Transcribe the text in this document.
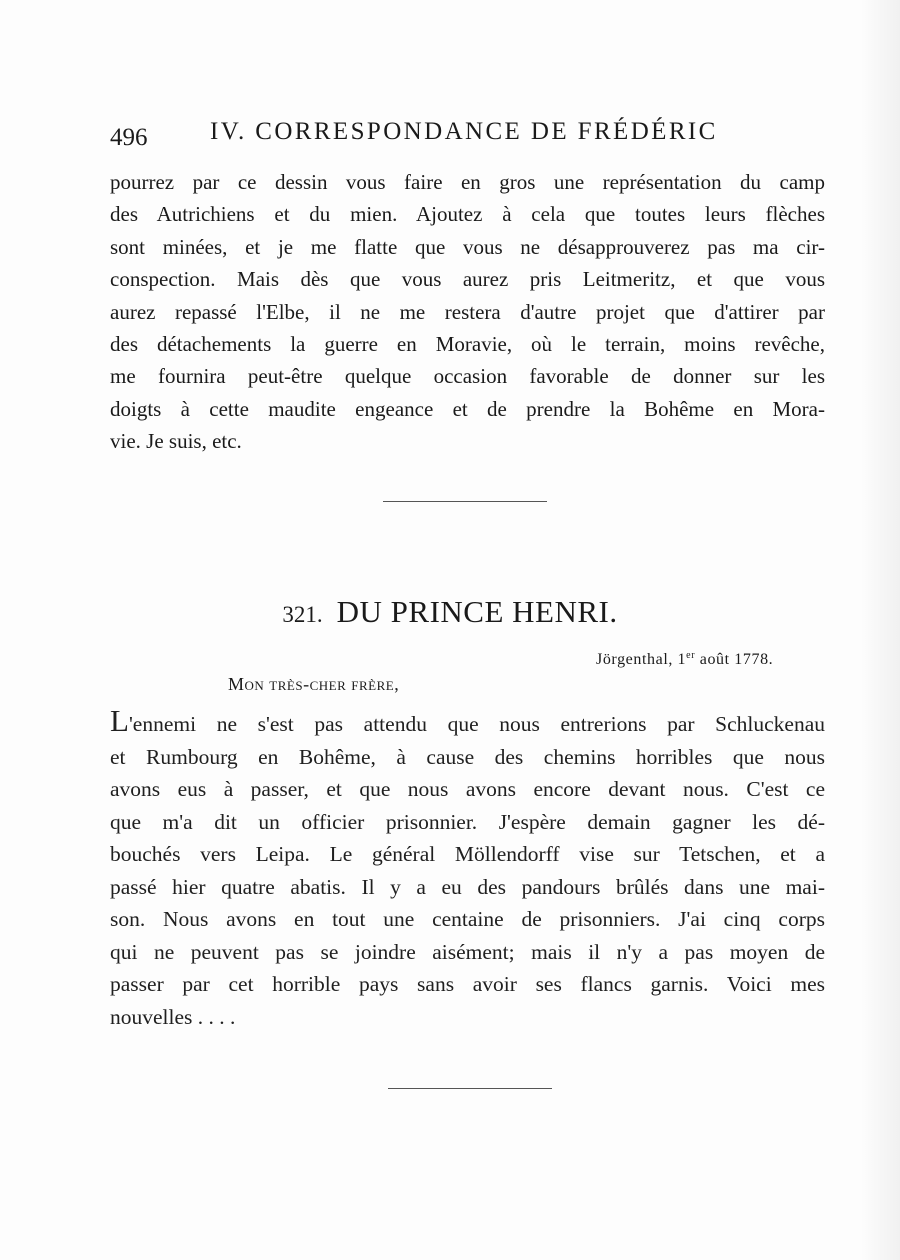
496	IV. CORRESPONDANCE DE FRÉDÉRIC

pourrez par ce dessin vous faire en gros une représentation du camp
des Autrichiens et du mien. Ajoutez à cela que toutes leurs flèches
sont minées, et je me flatte que vous ne désapprouverez pas ma cir-
conspection. Mais dès que vous aurez pris Leitmeritz, et que vous
aurez repassé l'Elbe, il ne me restera d'autre projet que d'attirer par
des détachements la guerre en Moravie, où le terrain, moins revêche,
me fournira peut-être quelque occasion favorable de donner sur les
doigts à cette maudite engeance et de prendre la Bohême en Mora-
vie. Je suis, etc.

321. DU PRINCE HENRI.
Jörgenthal, 1er août 1778.
Mon très-cher frère,

L'ennemi ne s'est pas attendu que nous entrerions par Schluckenau
et Rumbourg en Bohême, à cause des chemins horribles que nous
avons eus à passer, et que nous avons encore devant nous. C'est ce
que m'a dit un officier prisonnier. J'espère demain gagner les dé-
bouchés vers Leipa. Le général Möllendorff vise sur Tetschen, et a
passé hier quatre abatis. Il y a eu des pandours brûlés dans une mai-
son. Nous avons en tout une centaine de prisonniers. J'ai cinq corps
qui ne peuvent pas se joindre aisément; mais il n'y a pas moyen de
passer par cet horrible pays sans avoir ses flancs garnis. Voici mes
nouvelles . . . .
